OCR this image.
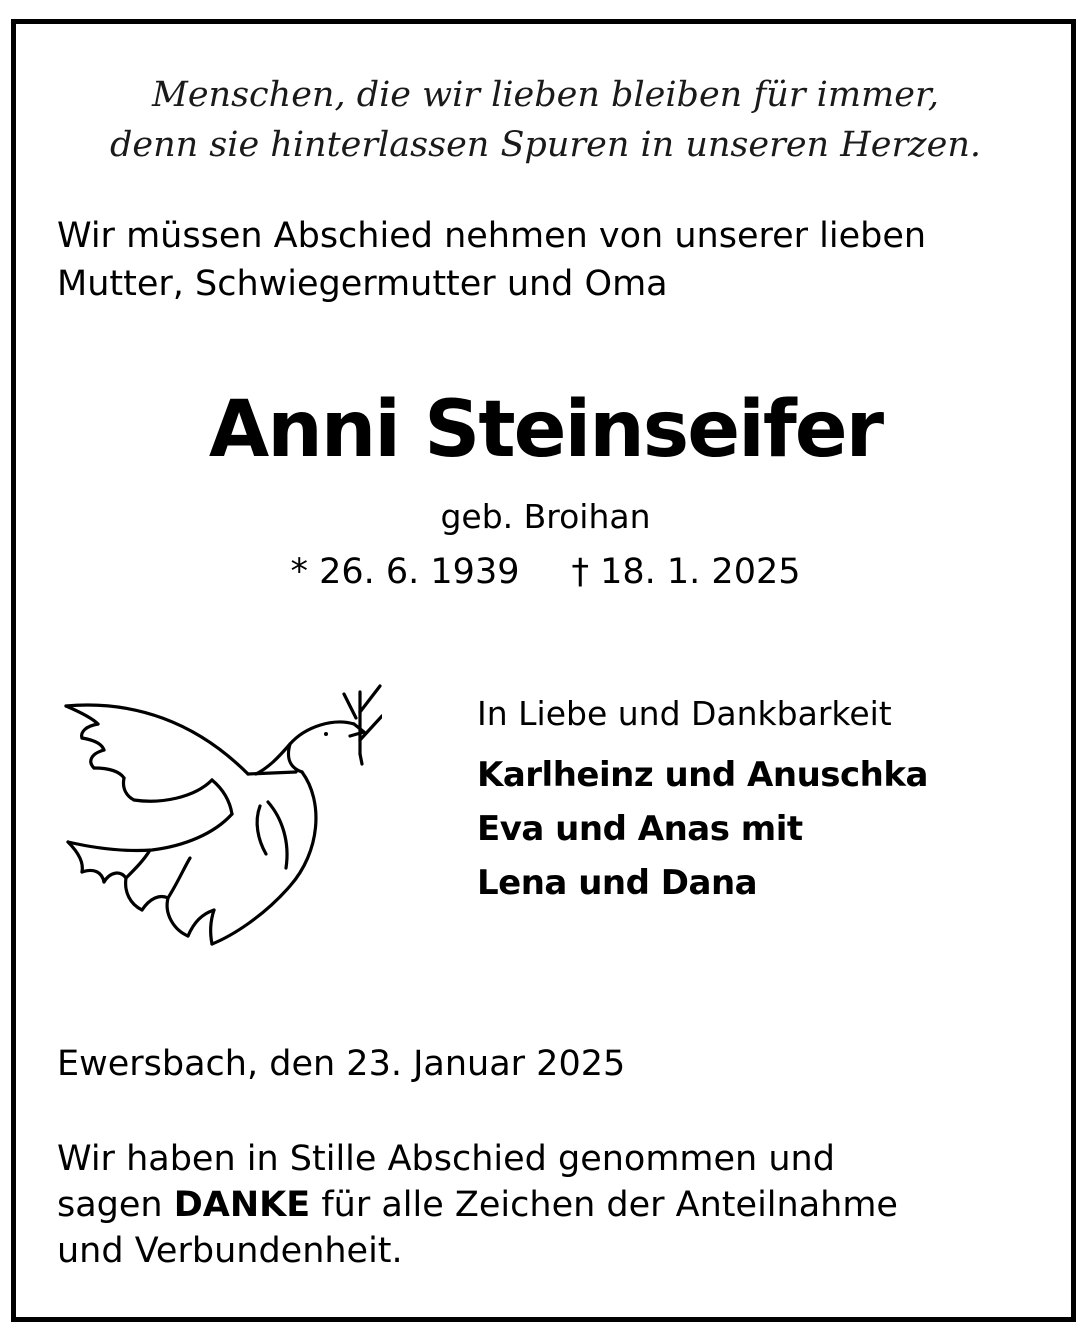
Menschen, die wir lieben bleiben für immer,
denn sie hinterlassen Spuren in unseren Herzen.
Wir müssen Abschied nehmen von unserer lieben
Mutter, Schwiegermutter und Oma
Anni Steinseifer
geb. Broihan
* 26. 6. 1939 † 18. 1. 2025
In Liebe und Dankbarkeit
Karlheinz und Anuschka
Eva und Anas mit
Lena und Dana
Ewersbach, den 23. Januar 2025
Wir haben in Stille Abschied genommen und
sagen DANKE für alle Zeichen der Anteilnahme
und Verbundenheit.
